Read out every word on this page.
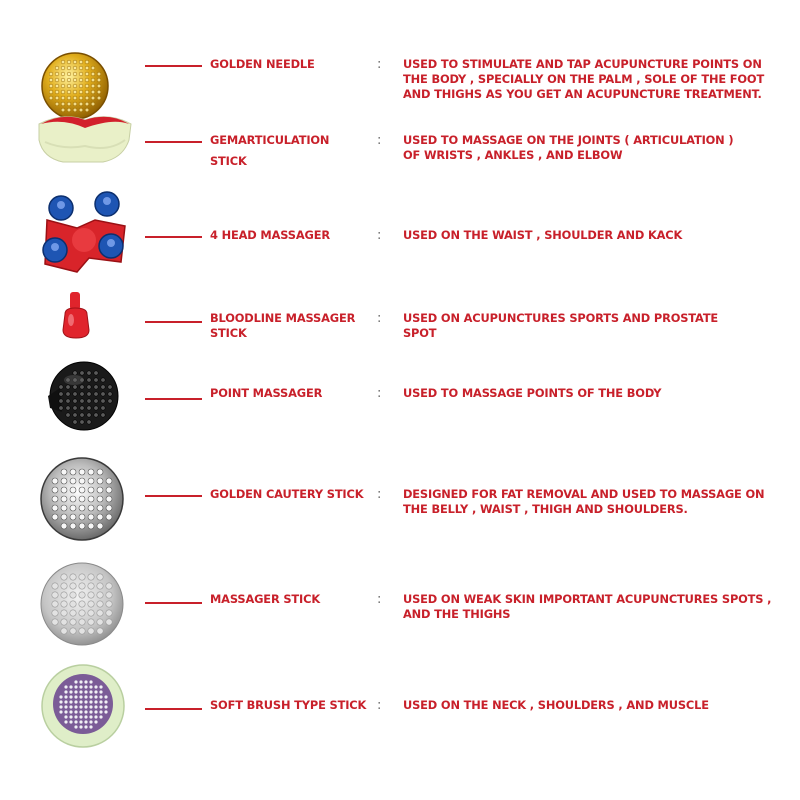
GOLDEN NEEDLE	: USED TO STIMULATE AND TAP ACUPUNCTURE POINTS ON THE BODY , SPECIALLY ON THE PALM , SOLE OF THE FOOT AND THIGHS AS YOU GET AN ACUPUNCTURE TREATMENT.
GEMARTICULATION STICK
: USED TO MASSAGE ON THE JOINTS ( ARTICULATION ) OF WRISTS , ANKLES , AND ELBOW
4 HEAD MASSAGER	: USED ON THE WAIST , SHOULDER AND KACK
BLOODLINE MASSAGER STICK
: USED ON ACUPUNCTURES SPORTS AND PROSTATE SPOT
POINT MASSAGER	: USED TO MASSAGE POINTS OF THE BODY
GOLDEN CAUTERY STICK	: DESIGNED FOR FAT REMOVAL AND USED TO MASSAGE ON THE BELLY , WAIST , THIGH AND SHOULDERS.
MASSAGER STICK	: USED ON WEAK SKIN IMPORTANT ACUPUNCTURES SPOTS , AND THE THIGHS
SOFT BRUSH TYPE STICK : USED ON THE NECK , SHOULDERS , AND MUSCLE
